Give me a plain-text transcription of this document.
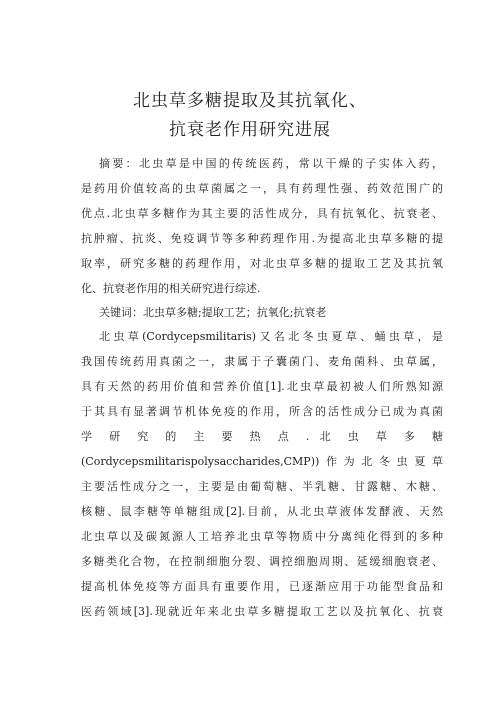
北虫草多糖提取及其抗氧化、
抗衰老作用研究进展
摘要：北虫草是中国的传统医药，常以干燥的子实体入药，
是药用价值较高的虫草菌属之一，具有药理性强、药效范围广的
优点.北虫草多糖作为其主要的活性成分，具有抗氧化、抗衰老、
抗肿瘤、抗炎、免疫调节等多种药理作用.为提高北虫草多糖的提
取率，研究多糖的药理作用，对北虫草多糖的提取工艺及其抗氧
化、抗衰老作用的相关研究进行综述.
关键词：北虫草多糖;提取工艺；抗氧化;抗衰老
北虫草(Cordycepsmilitaris)又名北冬虫夏草、蛹虫草，是
我国传统药用真菌之一，隶属于子囊菌门、麦角菌科、虫草属，
具有天然的药用价值和营养价值[1].北虫草最初被人们所熟知源
于其具有显著调节机体免疫的作用，所含的活性成分已成为真菌
学 研 究 的 主 要 热 点 . 北 虫 草 多 糖
(Cordycepsmilitarispolysaccharides,CMP))作为北冬虫夏草
主要活性成分之一，主要是由葡萄糖、半乳糖、甘露糖、木糖、
核糖、鼠李糖等单糖组成[2].目前，从北虫草液体发酵液、天然
北虫草以及碳氮源人工培养北虫草等物质中分离纯化得到的多种
多糖类化合物，在控制细胞分裂、调控细胞周期、延缓细胞衰老、
提高机体免疫等方面具有重要作用，已逐渐应用于功能型食品和
医药领域[3].现就近年来北虫草多糖提取工艺以及抗氧化、抗衰
